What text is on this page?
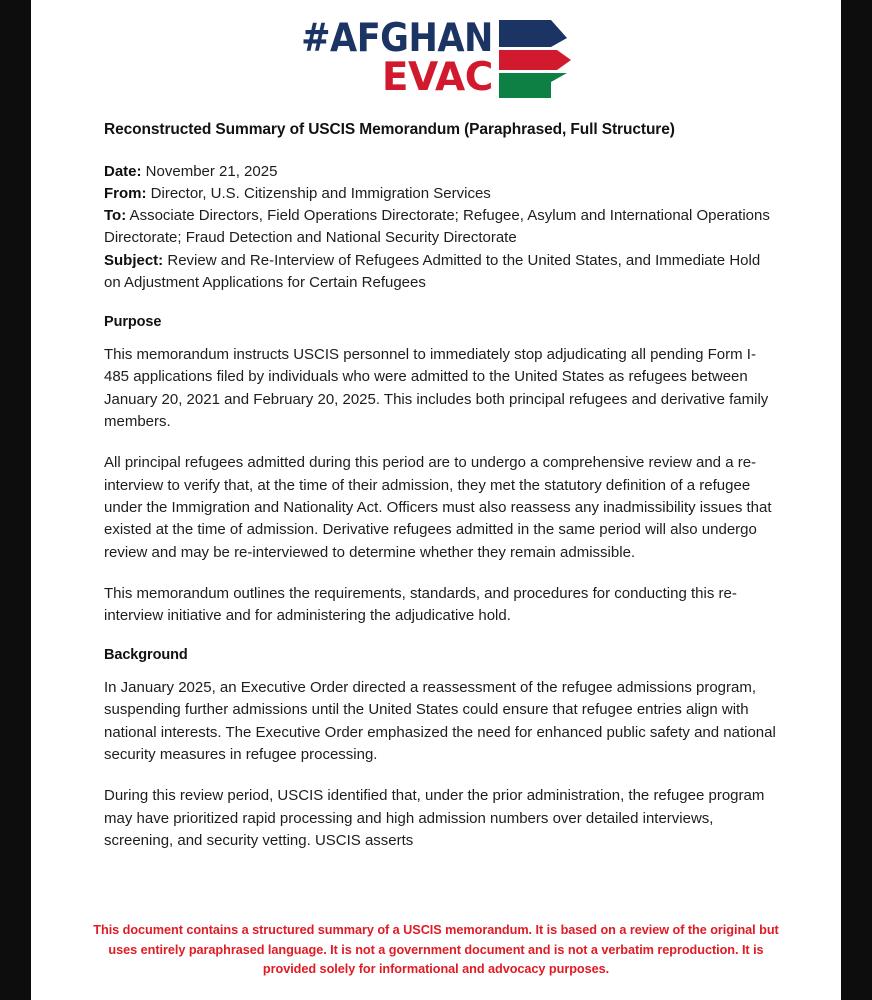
#AFGHAN
EVAC
Reconstructed Summary of USCIS Memorandum (Paraphrased, Full Structure)
Date: November 21, 2025
From: Director, U.S. Citizenship and Immigration Services
To: Associate Directors, Field Operations Directorate; Refugee, Asylum and International Operations Directorate; Fraud Detection and National Security Directorate
Subject: Review and Re-Interview of Refugees Admitted to the United States, and Immediate Hold on Adjustment Applications for Certain Refugees
Purpose

This memorandum instructs USCIS personnel to immediately stop adjudicating all pending Form I-485 applications filed by individuals who were admitted to the United States as refugees between January 20, 2021 and February 20, 2025. This includes both principal refugees and derivative family members.

All principal refugees admitted during this period are to undergo a comprehensive review and a re-interview to verify that, at the time of their admission, they met the statutory definition of a refugee under the Immigration and Nationality Act. Officers must also reassess any inadmissibility issues that existed at the time of admission. Derivative refugees admitted in the same period will also undergo review and may be re-interviewed to determine whether they remain admissible.

This memorandum outlines the requirements, standards, and procedures for conducting this re-interview initiative and for administering the adjudicative hold.

Background

In January 2025, an Executive Order directed a reassessment of the refugee admissions program, suspending further admissions until the United States could ensure that refugee entries align with national interests. The Executive Order emphasized the need for enhanced public safety and national security measures in refugee processing.

During this review period, USCIS identified that, under the prior administration, the refugee program may have prioritized rapid processing and high admission numbers over detailed interviews, screening, and security vetting. USCIS asserts

This document contains a structured summary of a USCIS memorandum. It is based on a review of the original but uses entirely paraphrased language. It is not a government document and is not a verbatim reproduction. It is provided solely for informational and advocacy purposes.
